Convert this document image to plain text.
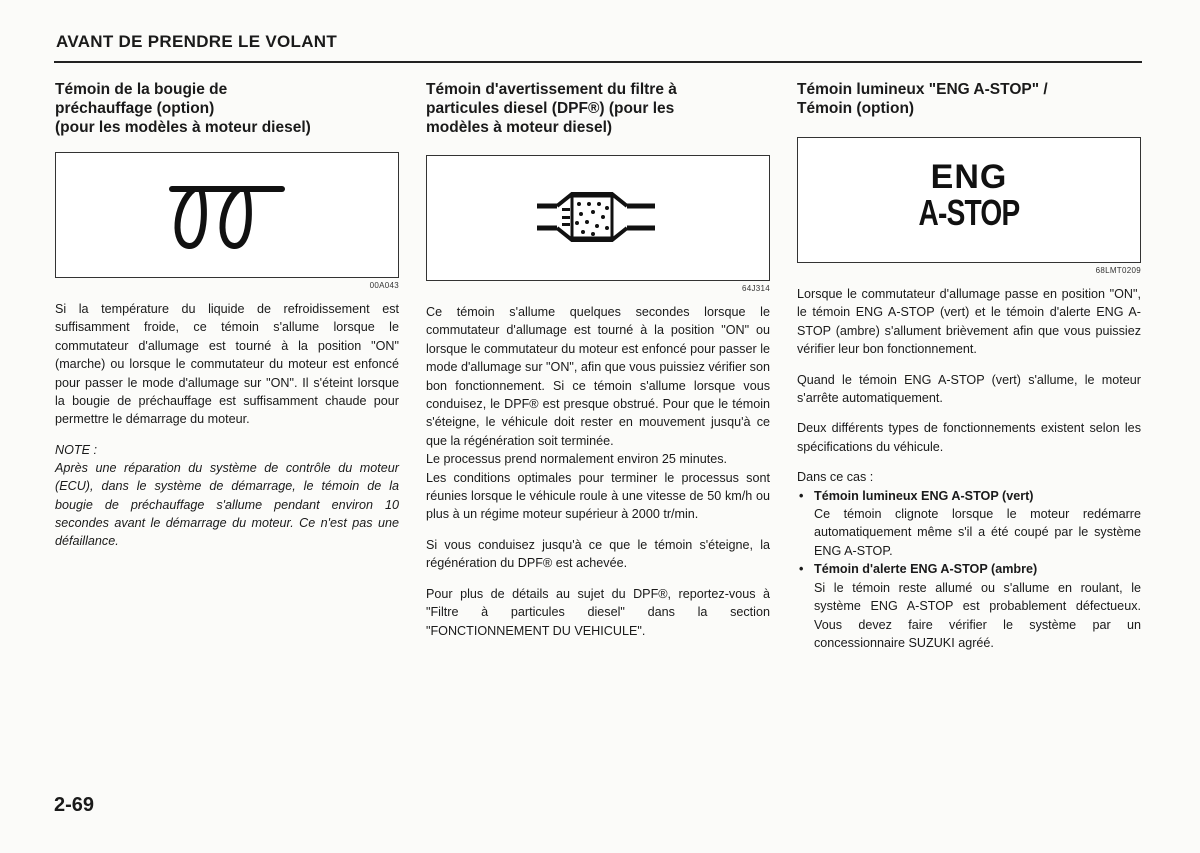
AVANT DE PRENDRE LE VOLANT
Témoin de la bougie de
préchauffage (option)
(pour les modèles à moteur diesel)
00A043

Si la température du liquide de refroidissement est suffisamment froide, ce témoin s'allume lorsque le commutateur d'allumage est tourné à la position "ON" (marche) ou lorsque le commutateur du moteur est enfoncé pour passer le mode d'allumage sur "ON". Il s'éteint lorsque la bougie de préchauffage est suffisamment chaude pour permettre le démarrage du moteur.

NOTE :

Après une réparation du système de contrôle du moteur (ECU), dans le système de démarrage, le témoin de la bougie de préchauffage s'allume pendant environ 10 secondes avant le démarrage du moteur. Ce n'est pas une défaillance.

Témoin d'avertissement du filtre à
particules diesel (DPF®) (pour les
modèles à moteur diesel)
64J314

Ce témoin s'allume quelques secondes lorsque le commutateur d'allumage est tourné à la position "ON" ou lorsque le commutateur du moteur est enfoncé pour passer le mode d'allumage sur "ON", afin que vous puissiez vérifier son bon fonctionnement. Si ce témoin s'allume lorsque vous conduisez, le DPF® est presque obstrué. Pour que le témoin s'éteigne, le véhicule doit rester en mouvement jusqu'à ce que la régénération soit terminée.

Le processus prend normalement environ 25 minutes.

Les conditions optimales pour terminer le processus sont réunies lorsque le véhicule roule à une vitesse de 50 km/h ou plus à un régime moteur supérieur à 2000 tr/min.

Si vous conduisez jusqu'à ce que le témoin s'éteigne, la régénération du DPF® est achevée.

Pour plus de détails au sujet du DPF®, reportez-vous à "Filtre à particules diesel" dans la section "FONCTIONNEMENT DU VEHICULE".

Témoin lumineux "ENG A-STOP" /
Témoin (option)
ENG
A-STOP
68LMT0209

Lorsque le commutateur d'allumage passe en position "ON", le témoin ENG A-STOP (vert) et le témoin d'alerte ENG A-STOP (ambre) s'allument brièvement afin que vous puissiez vérifier leur bon fonctionnement.

Quand le témoin ENG A-STOP (vert) s'allume, le moteur s'arrête automatiquement.

Deux différents types de fonctionnements existent selon les spécifications du véhicule.

Dans ce cas :

• Témoin lumineux ENG A-STOP (vert)
Ce témoin clignote lorsque le moteur redémarre automatiquement même s'il a été coupé par le système ENG A-STOP.
• Témoin d'alerte ENG A-STOP (ambre)
Si le témoin reste allumé ou s'allume en roulant, le système ENG A-STOP est probablement défectueux. Vous devez faire vérifier le système par un concessionnaire SUZUKI agréé.
2-69
